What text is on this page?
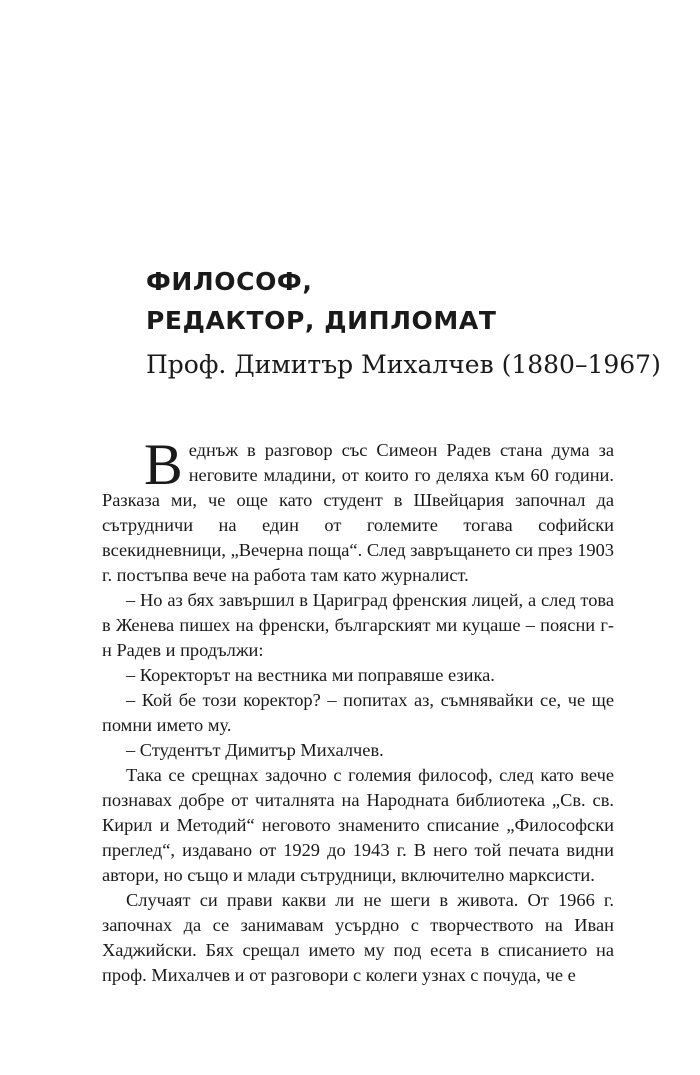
ФИЛОСОФ,
РЕДАКТОР, ДИПЛОМАТ
Проф. Димитър Михалчев (1880–1967)

Веднъж в разговор със Симеон Радев стана дума за неговите младини, от които го деляха към 60 години. Разказа ми, че още като студент в Швейцария започнал да сътрудничи на един от големите тогава софийски всекидневници, „Вечерна поща“. След завръщането си през 1903 г. постъпва вече на работа там като журналист.

– Но аз бях завършил в Цариград френския лицей, а след това в Женева пишех на френски, българският ми куцаше – поясни г-н Радев и продължи:

– Коректорът на вестника ми поправяше езика.

– Кой бе този коректор? – попитах аз, съмнявайки се, че ще помни името му.

– Студентът Димитър Михалчев.

Така се срещнах задочно с големия философ, след като вече познавах добре от читалнята на Народната библиотека „Св. св. Кирил и Методий“ неговото знаменито списание „Философски преглед“, издавано от 1929 до 1943 г. В него той печата видни автори, но също и млади сътрудници, включително марксисти.

Случаят си прави какви ли не шеги в живота. От 1966 г. започнах да се занимавам усърдно с творчеството на Иван Хаджийски. Бях срещал името му под есета в списанието на проф. Михалчев и от разговори с колеги узнах с почуда, че е
